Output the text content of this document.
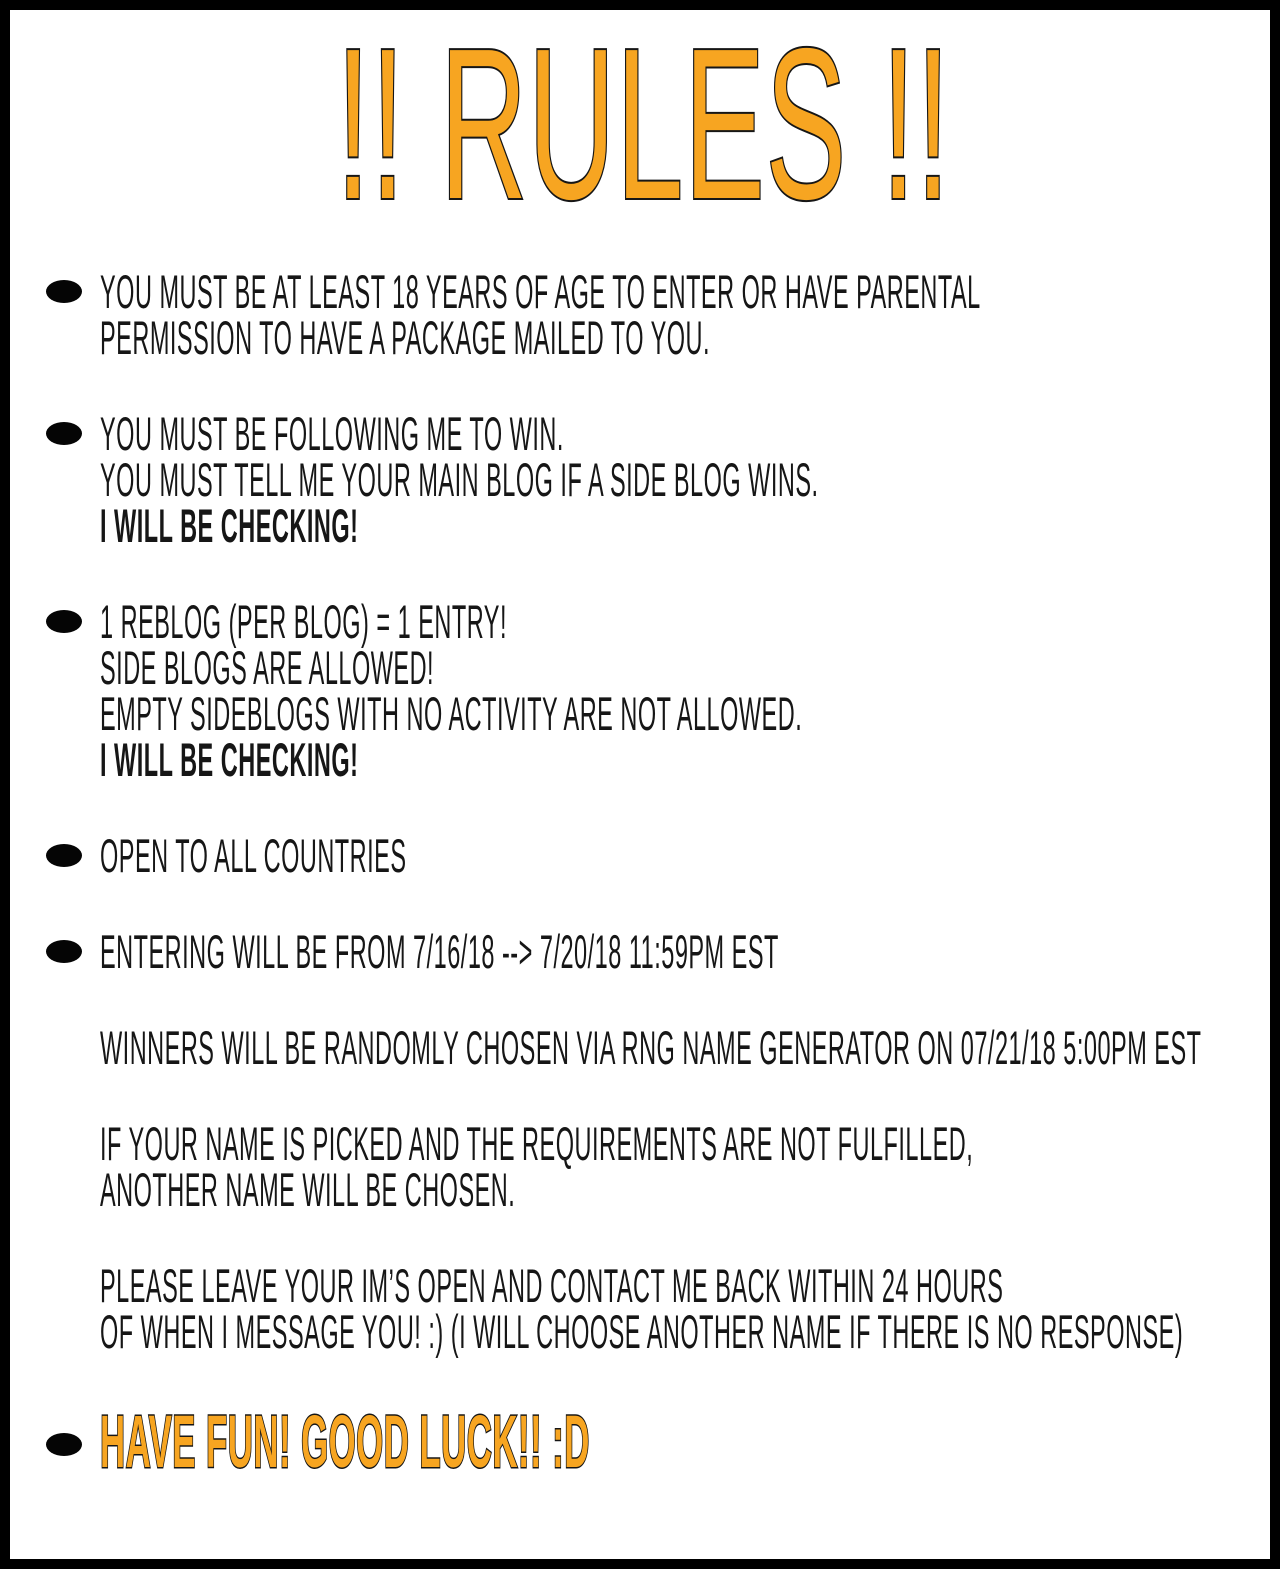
!! RULES !!
YOU MUST BE AT LEAST 18 YEARS OF AGE TO ENTER OR HAVE PARENTAL
PERMISSION TO HAVE A PACKAGE MAILED TO YOU.
YOU MUST BE FOLLOWING ME TO WIN.
YOU MUST TELL ME YOUR MAIN BLOG IF A SIDE BLOG WINS.
I WILL BE CHECKING!
1 REBLOG (PER BLOG) = 1 ENTRY!
SIDE BLOGS ARE ALLOWED!
EMPTY SIDEBLOGS WITH NO ACTIVITY ARE NOT ALLOWED.
I WILL BE CHECKING!
OPEN TO ALL COUNTRIES
ENTERING WILL BE FROM 7/16/18 --> 7/20/18 11:59PM EST
WINNERS WILL BE RANDOMLY CHOSEN VIA RNG NAME GENERATOR ON 07/21/18 5:00PM EST
IF YOUR NAME IS PICKED AND THE REQUIREMENTS ARE NOT FULFILLED,
ANOTHER NAME WILL BE CHOSEN.
PLEASE LEAVE YOUR IM’S OPEN AND CONTACT ME BACK WITHIN 24 HOURS
OF WHEN I MESSAGE YOU! :) (I WILL CHOOSE ANOTHER NAME IF THERE IS NO RESPONSE)
HAVE FUN! GOOD LUCK!! :D
